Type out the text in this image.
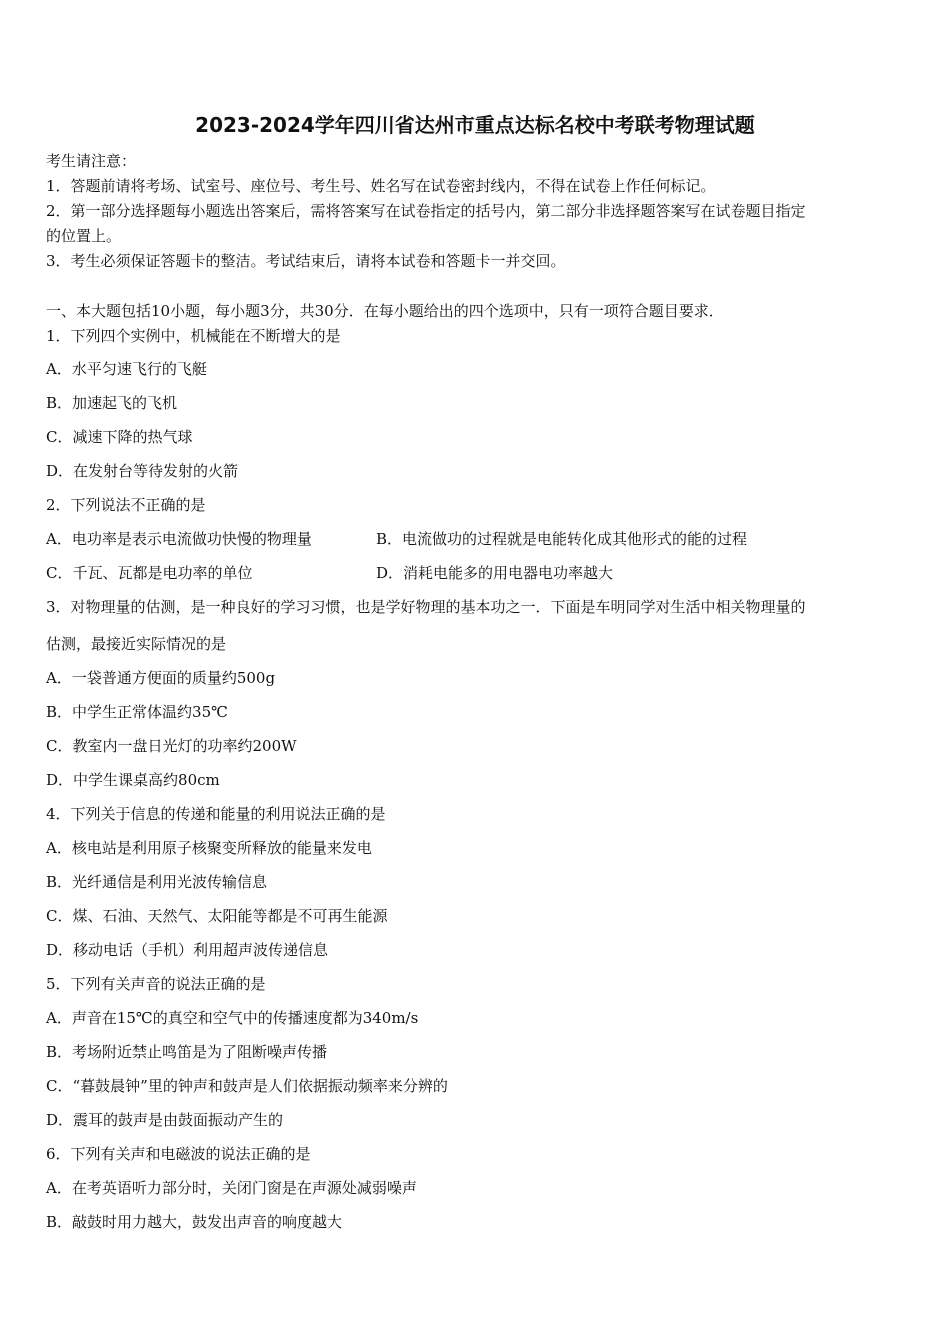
2023-2024学年四川省达州市重点达标名校中考联考物理试题
考生请注意：
1．答题前请将考场、试室号、座位号、考生号、姓名写在试卷密封线内，不得在试卷上作任何标记。
2．第一部分选择题每小题选出答案后，需将答案写在试卷指定的括号内，第二部分非选择题答案写在试卷题目指定
的位置上。
3．考生必须保证答题卡的整洁。考试结束后，请将本试卷和答题卡一并交回。
一、本大题包括10小题，每小题3分，共30分．在每小题给出的四个选项中，只有一项符合题目要求．
1．下列四个实例中，机械能在不断增大的是
A．水平匀速飞行的飞艇
B．加速起飞的飞机
C．减速下降的热气球
D．在发射台等待发射的火箭
2．下列说法不正确的是
A．电功率是表示电流做功快慢的物理量	B．电流做功的过程就是电能转化成其他形式的能的过程
C．千瓦、瓦都是电功率的单位	D．消耗电能多的用电器电功率越大
3．对物理量的估测，是一种良好的学习习惯，也是学好物理的基本功之一．下面是车明同学对生活中相关物理量的
估测，最接近实际情况的是
A．一袋普通方便面的质量约500g
B．中学生正常体温约35℃
C．教室内一盘日光灯的功率约200W
D．中学生课桌高约80cm
4．下列关于信息的传递和能量的利用说法正确的是
A．核电站是利用原子核聚变所释放的能量来发电
B．光纤通信是利用光波传输信息
C．煤、石油、天然气、太阳能等都是不可再生能源
D．移动电话（手机）利用超声波传递信息
5．下列有关声音的说法正确的是
A．声音在15℃的真空和空气中的传播速度都为340m/s
B．考场附近禁止鸣笛是为了阻断噪声传播
C．“暮鼓晨钟”里的钟声和鼓声是人们依据振动频率来分辨的
D．震耳的鼓声是由鼓面振动产生的
6．下列有关声和电磁波的说法正确的是
A．在考英语听力部分时，关闭门窗是在声源处减弱噪声
B．敲鼓时用力越大，鼓发出声音的响度越大
